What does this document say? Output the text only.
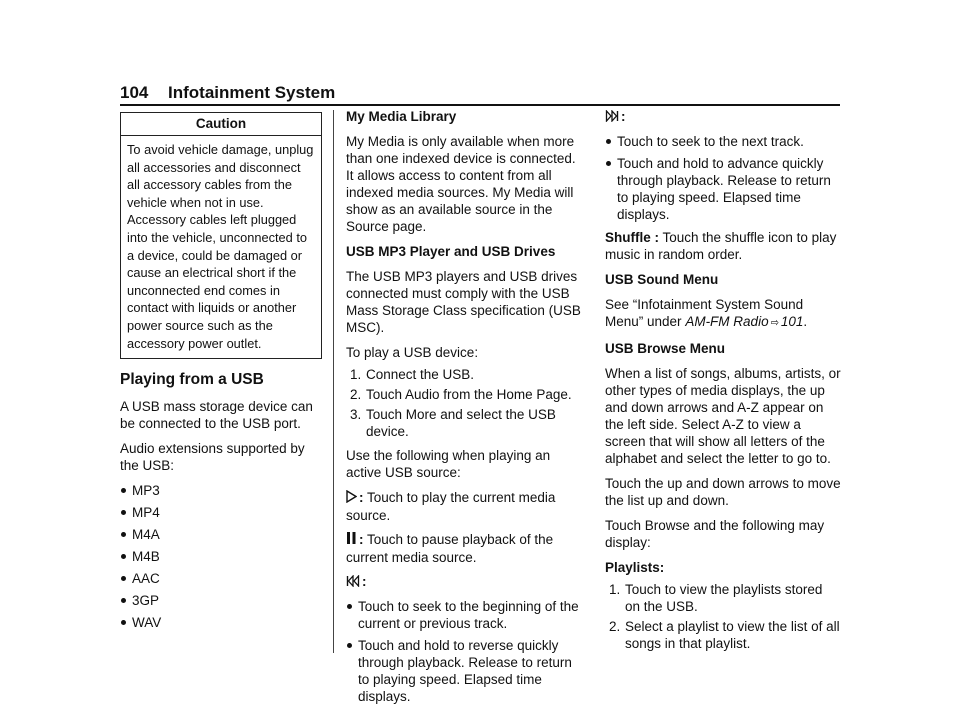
104 Infotainment System
Caution
To avoid vehicle damage, unplug all accessories and disconnect all accessory cables from the vehicle when not in use. Accessory cables left plugged into the vehicle, unconnected to a device, could be damaged or cause an electrical short if the unconnected end comes in contact with liquids or another power source such as the accessory power outlet.
Playing from a USB

A USB mass storage device can be connected to the USB port.

Audio extensions supported by the USB:

MP3
MP4
M4A
M4B
AAC
3GP
WAV

My Media Library

My Media is only available when more than one indexed device is connected. It allows access to content from all indexed media sources. My Media will show as an available source in the Source page.

USB MP3 Player and USB Drives

The USB MP3 players and USB drives connected must comply with the USB Mass Storage Class specification (USB MSC).

To play a USB device:

1. Connect the USB.
2. Touch Audio from the Home Page.
3. Touch More and select the USB device.

Use the following when playing an active USB source:

: Touch to play the current media source.

: Touch to pause playback of the current media source.

:

Touch to seek to the beginning of the current or previous track.
Touch and hold to reverse quickly through playback. Release to return to playing speed. Elapsed time displays.

:

Touch to seek to the next track.
Touch and hold to advance quickly through playback. Release to return to playing speed. Elapsed time displays.

Shuffle : Touch the shuffle icon to play music in random order.

USB Sound Menu

See “Infotainment System Sound Menu” under AM-FM Radio ⇨ 101.

USB Browse Menu

When a list of songs, albums, artists, or other types of media displays, the up and down arrows and A-Z appear on the left side. Select A-Z to view a screen that will show all letters of the alphabet and select the letter to go to.

Touch the up and down arrows to move the list up and down.

Touch Browse and the following may display:

Playlists:

1. Touch to view the playlists stored on the USB.
2. Select a playlist to view the list of all songs in that playlist.
